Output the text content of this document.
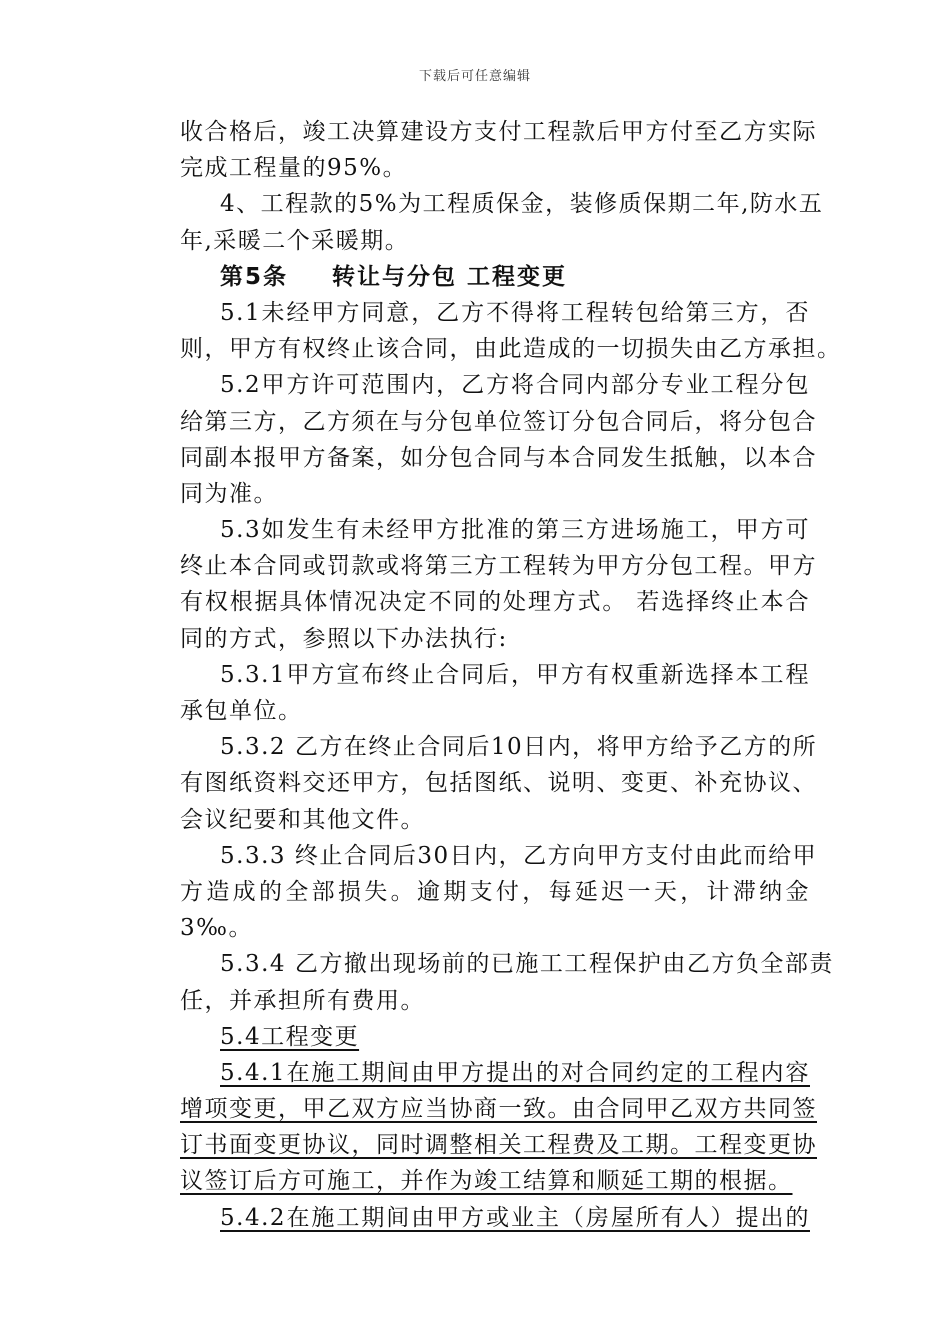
下载后可任意编辑
收合格后，竣工决算建设方支付工程款后甲方付至乙方实际
完成工程量的95%。
4、工程款的5%为工程质保金，装修质保期二年,防水五
年,采暖二个采暖期。
第5条 转让与分包 工程变更
5.1未经甲方同意，乙方不得将工程转包给第三方，否
则，甲方有权终止该合同，由此造成的一切损失由乙方承担。
5.2甲方许可范围内，乙方将合同内部分专业工程分包
给第三方，乙方须在与分包单位签订分包合同后，将分包合
同副本报甲方备案，如分包合同与本合同发生抵触，以本合
同为准。
5.3如发生有未经甲方批准的第三方进场施工，甲方可
终止本合同或罚款或将第三方工程转为甲方分包工程。甲方
有权根据具体情况决定不同的处理方式。 若选择终止本合
同的方式，参照以下办法执行:
5.3.1甲方宣布终止合同后，甲方有权重新选择本工程
承包单位。
5.3.2 乙方在终止合同后10日内，将甲方给予乙方的所
有图纸资料交还甲方，包括图纸、说明、变更、补充协议、
会议纪要和其他文件。
5.3.3 终止合同后30日内，乙方向甲方支付由此而给甲
方造成的全部损失。逾期支付，每延迟一天，计滞纳金
3‰。
5.3.4 乙方撤出现场前的已施工工程保护由乙方负全部责
任，并承担所有费用。
5.4工程变更
5.4.1在施工期间由甲方提出的对合同约定的工程内容
增项变更，甲乙双方应当协商一致。由合同甲乙双方共同签
订书面变更协议，同时调整相关工程费及工期。工程变更协
议签订后方可施工，并作为竣工结算和顺延工期的根据。
5.4.2在施工期间由甲方或业主（房屋所有人）提出的
